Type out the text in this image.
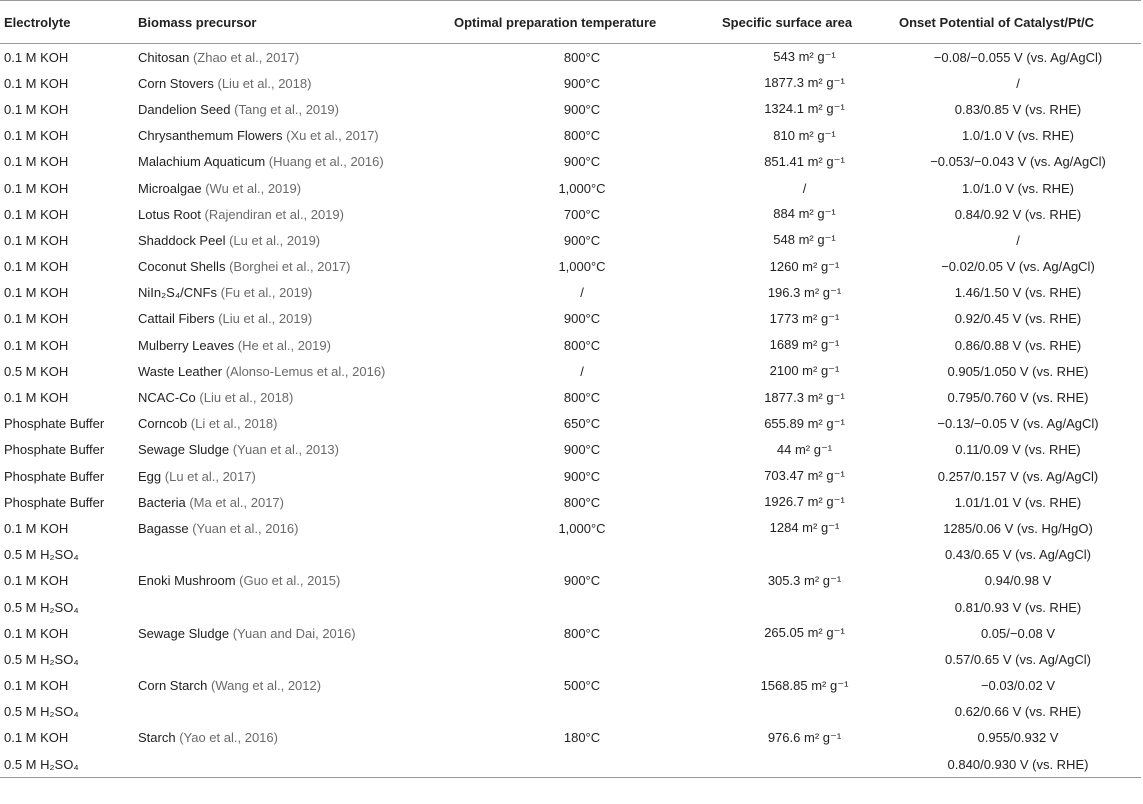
Electrolyte	Biomass precursor	Optimal preparation temperature	Specific surface area	Onset Potential of Catalyst/Pt/C
0.1 M KOH	Chitosan (Zhao et al., 2017)	800°C	543 m² g⁻¹	−0.08/−0.055 V (vs. Ag/AgCl)
0.1 M KOH	Corn Stovers (Liu et al., 2018)	900°C	1877.3 m² g⁻¹	/
0.1 M KOH	Dandelion Seed (Tang et al., 2019)	900°C	1324.1 m² g⁻¹	0.83/0.85 V (vs. RHE)
0.1 M KOH	Chrysanthemum Flowers (Xu et al., 2017)	800°C	810 m² g⁻¹	1.0/1.0 V (vs. RHE)
0.1 M KOH	Malachium Aquaticum (Huang et al., 2016)	900°C	851.41 m² g⁻¹	−0.053/−0.043 V (vs. Ag/AgCl)
0.1 M KOH	Microalgae (Wu et al., 2019)	1,000°C	/	1.0/1.0 V (vs. RHE)
0.1 M KOH	Lotus Root (Rajendiran et al., 2019)	700°C	884 m² g⁻¹	0.84/0.92 V (vs. RHE)
0.1 M KOH	Shaddock Peel (Lu et al., 2019)	900°C	548 m² g⁻¹	/
0.1 M KOH	Coconut Shells (Borghei et al., 2017)	1,000°C	1260 m² g⁻¹	−0.02/0.05 V (vs. Ag/AgCl)
0.1 M KOH	NiIn₂S₄/CNFs (Fu et al., 2019)	/	196.3 m² g⁻¹	1.46/1.50 V (vs. RHE)
0.1 M KOH	Cattail Fibers (Liu et al., 2019)	900°C	1773 m² g⁻¹	0.92/0.45 V (vs. RHE)
0.1 M KOH	Mulberry Leaves (He et al., 2019)	800°C	1689 m² g⁻¹	0.86/0.88 V (vs. RHE)
0.5 M KOH	Waste Leather (Alonso-Lemus et al., 2016)	/	2100 m² g⁻¹	0.905/1.050 V (vs. RHE)
0.1 M KOH	NCAC-Co (Liu et al., 2018)	800°C	1877.3 m² g⁻¹	0.795/0.760 V (vs. RHE)
Phosphate Buffer	Corncob (Li et al., 2018)	650°C	655.89 m² g⁻¹	−0.13/−0.05 V (vs. Ag/AgCl)
Phosphate Buffer	Sewage Sludge (Yuan et al., 2013)	900°C	44 m² g⁻¹	0.11/0.09 V (vs. RHE)
Phosphate Buffer	Egg (Lu et al., 2017)	900°C	703.47 m² g⁻¹	0.257/0.157 V (vs. Ag/AgCl)
Phosphate Buffer	Bacteria (Ma et al., 2017)	800°C	1926.7 m² g⁻¹	1.01/1.01 V (vs. RHE)
0.1 M KOH	Bagasse (Yuan et al., 2016)	1,000°C	1284 m² g⁻¹	1285/0.06 V (vs. Hg/HgO)
0.5 M H₂SO₄				0.43/0.65 V (vs. Ag/AgCl)
0.1 M KOH	Enoki Mushroom (Guo et al., 2015)	900°C	305.3 m² g⁻¹	0.94/0.98 V
0.5 M H₂SO₄				0.81/0.93 V (vs. RHE)
0.1 M KOH	Sewage Sludge (Yuan and Dai, 2016)	800°C	265.05 m² g⁻¹	0.05/−0.08 V
0.5 M H₂SO₄				0.57/0.65 V (vs. Ag/AgCl)
0.1 M KOH	Corn Starch (Wang et al., 2012)	500°C	1568.85 m² g⁻¹	−0.03/0.02 V
0.5 M H₂SO₄				0.62/0.66 V (vs. RHE)
0.1 M KOH	Starch (Yao et al., 2016)	180°C	976.6 m² g⁻¹	0.955/0.932 V
0.5 M H₂SO₄				0.840/0.930 V (vs. RHE)
